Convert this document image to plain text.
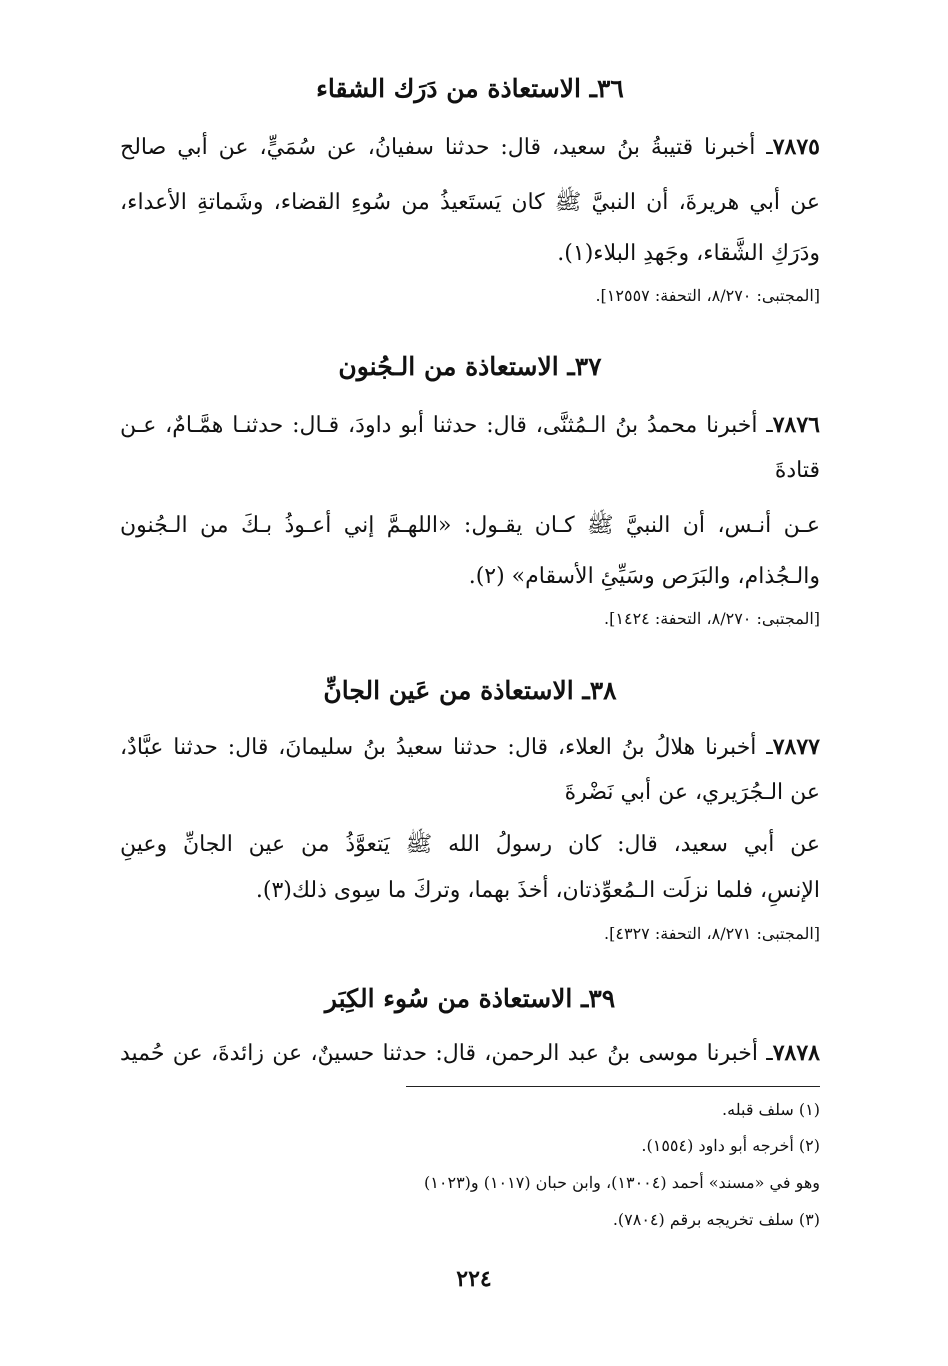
٣٦ـ الاستعاذة من دَرَك الشقاء
٧٨٧٥ـ أخبرنا قتيبةُ بنُ سعيد، قال: حدثنا سفيانُ، عن سُمَيٍّ، عن أبي صالح
عن أبي هريرةَ، أن النبيَّ ﷺ كان يَستَعيذُ من سُوءِ القضاء، وشَماتةِ الأعداء،
ودَرَكِ الشَّقاء، وجَهدِ البلاء(١).
[المجتبى: ٨/٢٧٠، التحفة: ١٢٥٥٧].
٣٧ـ الاستعاذة من الـجُنون
٧٨٧٦ـ أخبرنا محمدُ بنُ الـمُثنَّى، قال: حدثنا أبو داودَ، قـال: حدثنـا همَّـامٌ، عـن
قتادةَ
عـن أنـس، أن النبيَّ ﷺ كـان يقـول: «اللهـمَّ إني أعـوذُ بـكَ من الـجُنون
والـجُذام، والبَرَص وسَيِّئِ الأسقام» (٢).
[المجتبى: ٨/٢٧٠، التحفة: ١٤٢٤].
٣٨ـ الاستعاذة من عَين الجانِّ
٧٨٧٧ـ أخبرنا هلالُ بنُ العلاء، قال: حدثنا سعيدُ بنُ سليمانَ، قال: حدثنا عبَّادٌ،
عن الـجُرَيري، عن أبي نَضْرةَ
عن أبي سعيد، قال: كان رسولُ الله ﷺ يَتعوَّذُ من عين الجانِّ وعينِ
الإنسِ، فلما نزلَت الـمُعوِّذتان، أخذَ بهما، وتركَ ما سِوى ذلك(٣).
[المجتبى: ٨/٢٧١، التحفة: ٤٣٢٧].
٣٩ـ الاستعاذة من سُوء الكِبَر
٧٨٧٨ـ أخبرنا موسى بنُ عبد الرحمن، قال: حدثنا حسينٌ، عن زائدةَ، عن حُميد
(١) سلف قبله.
(٢) أخرجه أبو داود (١٥٥٤).
وهو في «مسند» أحمد (١٣٠٠٤)، وابن حبان (١٠١٧) و(١٠٢٣)
(٣) سلف تخريجه برقم (٧٨٠٤).
٢٢٤
